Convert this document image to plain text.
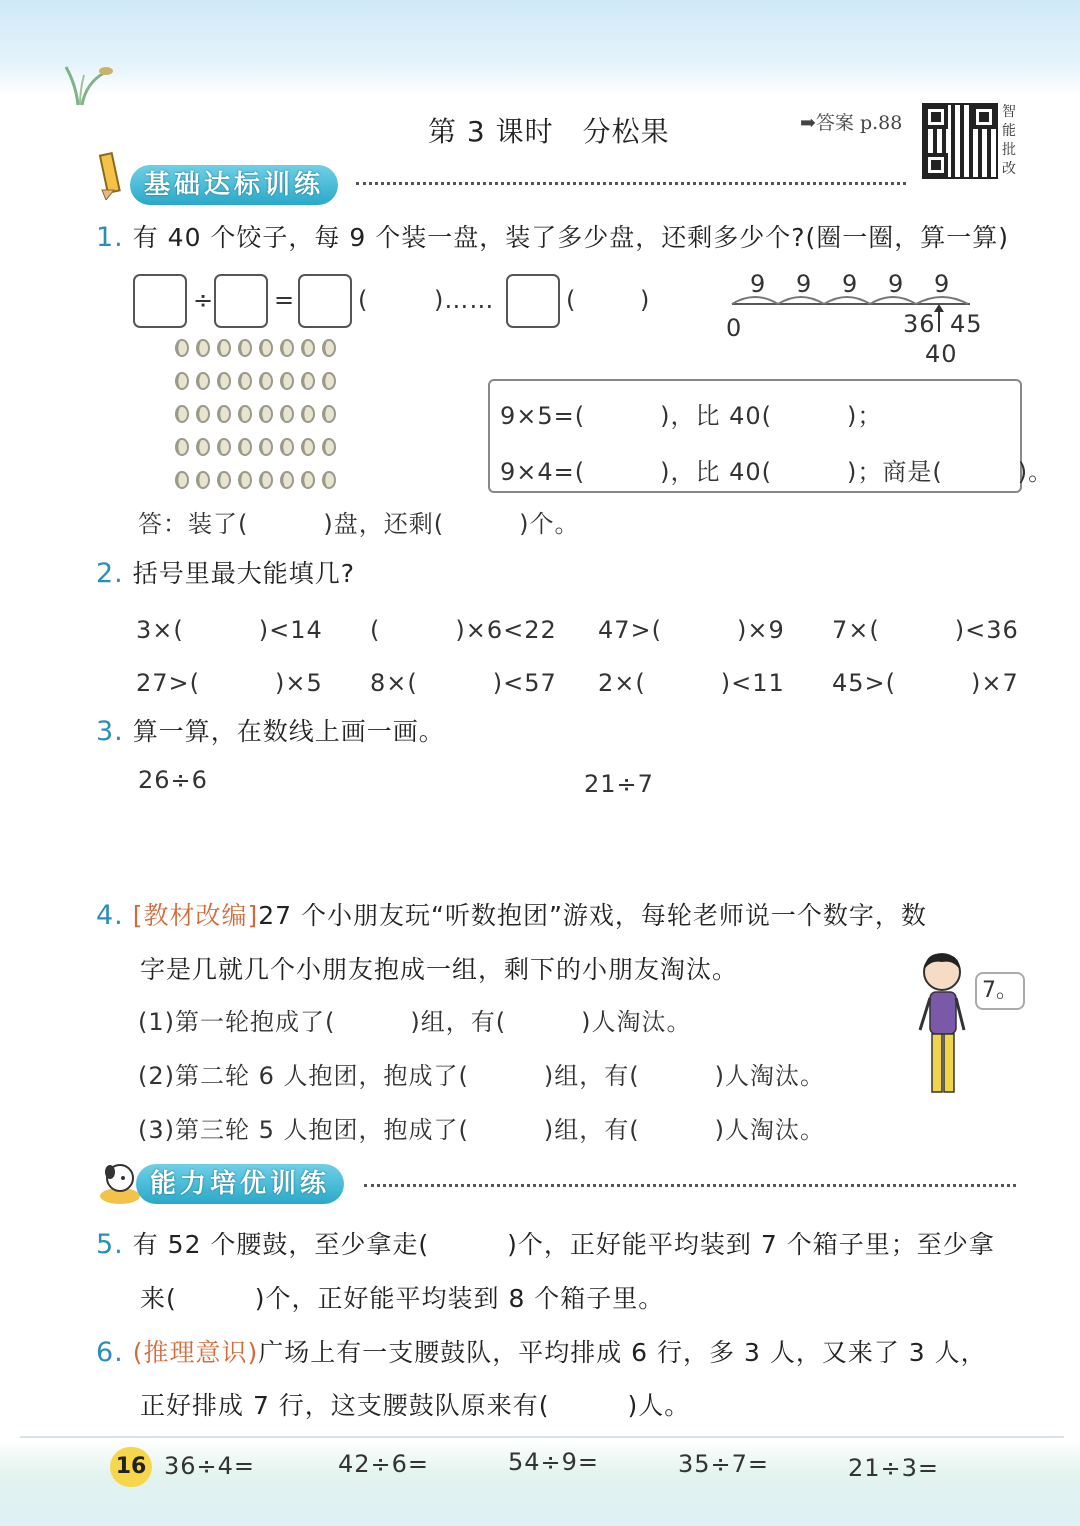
第 3 课时　分松果	➡答案 p.88	智能批改
基础达标训练
1. 有 40 个饺子，每 9 个装一盘，装了多少盘，还剩多少个?(圈一圈，算一算)
÷ =	(	)……	(	)
9 9 9 9 9
0	36 45
40
9×5=(　　　)，比 40(　　　)；
9×4=(　　　)，比 40(　　　)；商是(　　　)。
答：装了(　　　)盘，还剩(　　　)个。
2. 括号里最大能填几?
3×(　　　)<14 (　　　)×6<22 47>(　　　)×9 7×(　　　)<36
27>(　　　)×5 8×(　　　)<57 2×(　　　)<11 45>(　　　)×7
3. 算一算，在数线上画一画。
26÷6	21÷7
4. [教材改编]27 个小朋友玩“听数抱团”游戏，每轮老师说一个数字，数
字是几就几个小朋友抱成一组，剩下的小朋友淘汰。
(1)第一轮抱成了(　　　)组，有(　　　)人淘汰。
(2)第二轮 6 人抱团，抱成了(　　　)组，有(　　　)人淘汰。
(3)第三轮 5 人抱团，抱成了(　　　)组，有(　　　)人淘汰。
7。
能力培优训练
5. 有 52 个腰鼓，至少拿走(　　　)个，正好能平均装到 7 个箱子里；至少拿
来(　　　)个，正好能平均装到 8 个箱子里。
6. (推理意识)广场上有一支腰鼓队，平均排成 6 行，多 3 人，又来了 3 人，
正好排成 7 行，这支腰鼓队原来有(　　　)人。
16 36÷4=	42÷6=	54÷9=	35÷7=	21÷3=
